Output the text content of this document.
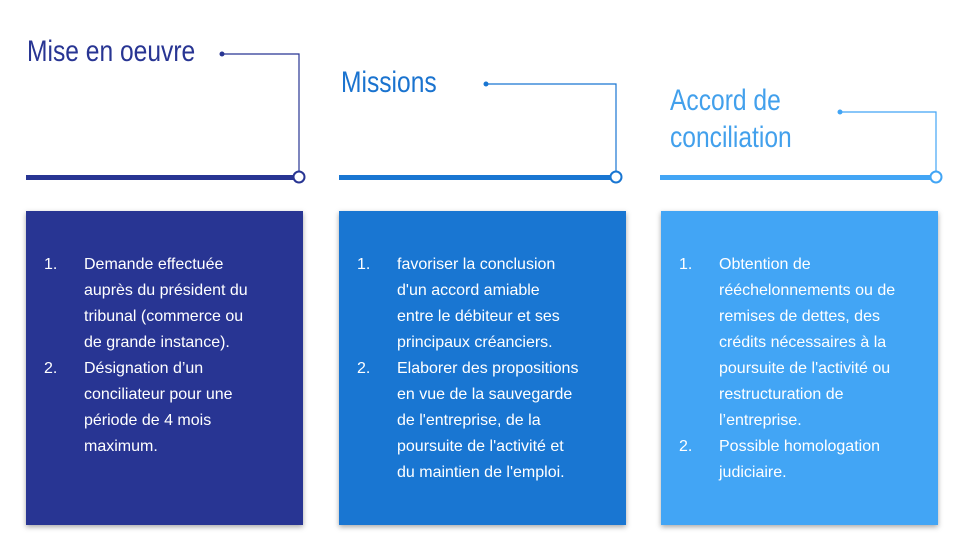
Mise en oeuvre
Missions
Accord de
conciliation
1. Demande effectuée
auprès du président du
tribunal (commerce ou
de grande instance).
2. Désignation d’un
conciliateur pour une
période de 4 mois
maximum.
1. favoriser la conclusion
d'un accord amiable
entre le débiteur et ses
principaux créanciers.
2. Elaborer des propositions
en vue de la sauvegarde
de l'entreprise, de la
poursuite de l'activité et
du maintien de l'emploi.
1. Obtention de
rééchelonnements ou de
remises de dettes, des
crédits nécessaires à la
poursuite de l'activité ou
restructuration de
l’entreprise.
2. Possible homologation
judiciaire.
